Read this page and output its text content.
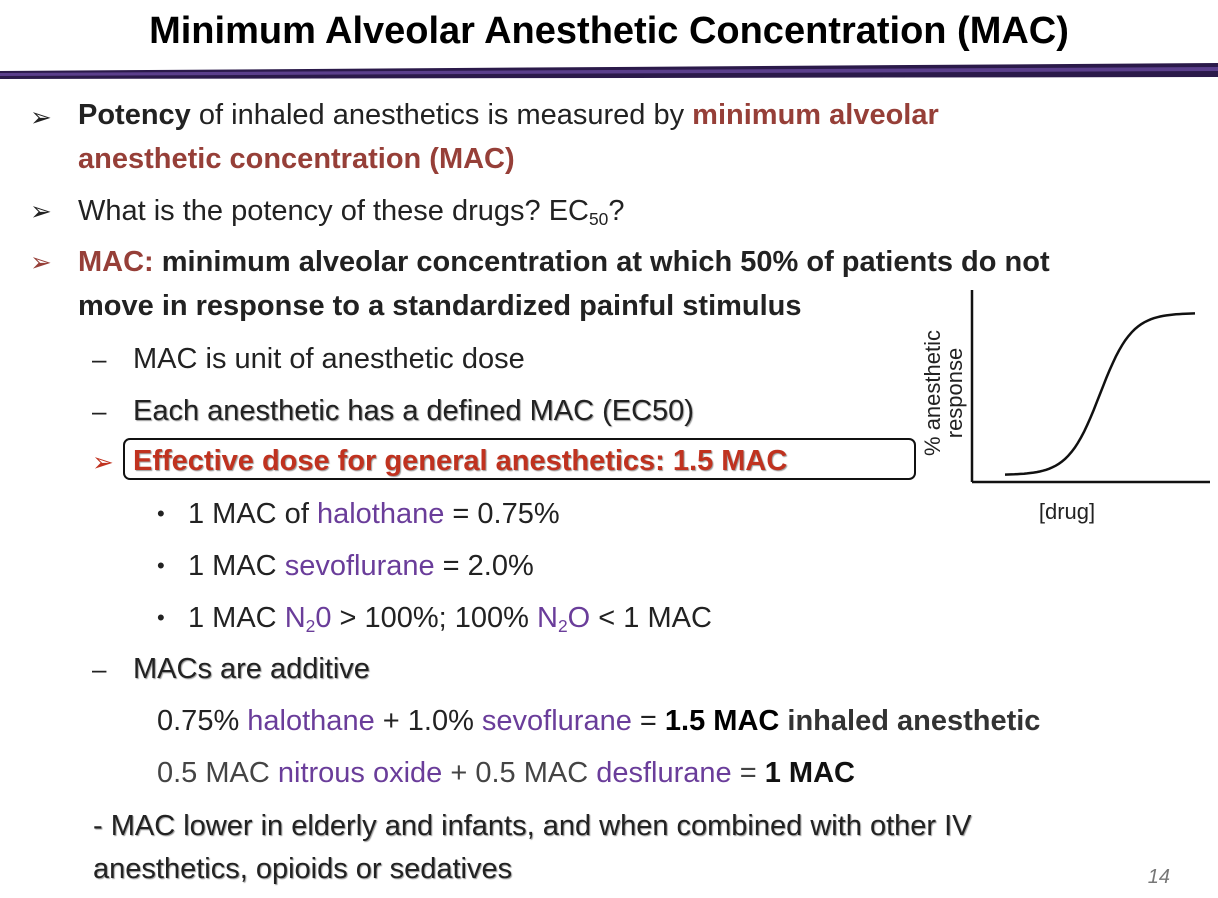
Minimum Alveolar Anesthetic Concentration (MAC)
➢ Potency of inhaled anesthetics is measured by minimum alveolar
anesthetic concentration (MAC)
➢ What is the potency of these drugs? $EC_{50}$?
➢ MAC: minimum alveolar concentration at which 50% of patients do not
move in response to a standardized painful stimulus
– MAC is unit of anesthetic dose
– Each anesthetic has a defined MAC (EC50)
➢ Effective dose for general anesthetics: 1.5 MAC
• 1 MAC of halothane = 0.75%
• 1 MAC sevoflurane = 2.0%
• 1 MAC $N_20 > 100\%$; 100% $N_2O < 1$ MAC
– MACs are additive
0.75% halothane + 1.0% sevoflurane = 1.5 MAC inhaled anesthetic
0.5 MAC nitrous oxide + 0.5 MAC desflurane = 1 MAC
- MAC lower in elderly and infants, and when combined with other IV
anesthetics, opioids or sedatives
% anesthetic
response
[drug]
14
